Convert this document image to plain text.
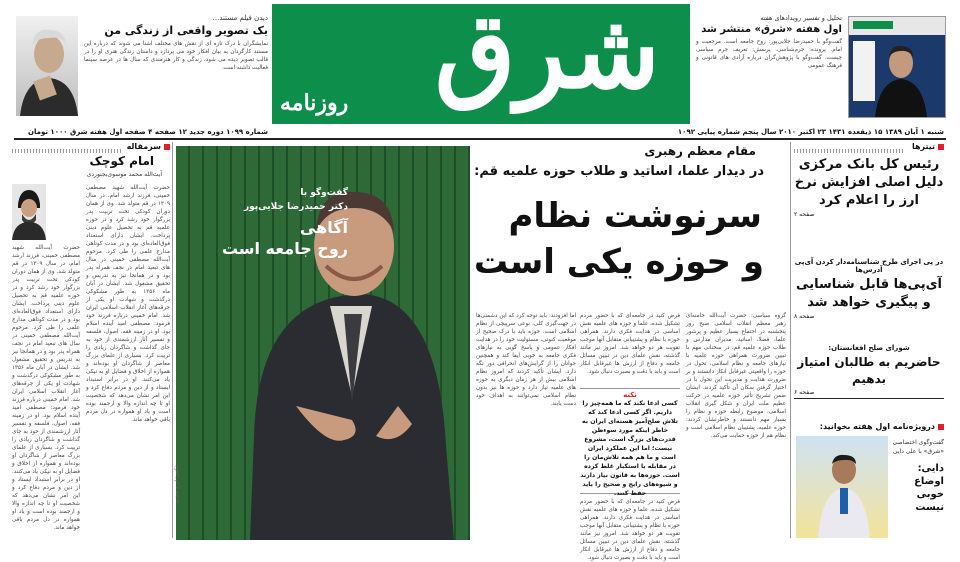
دیدن فیلم مستند...
یک تصویر واقعی از زندگی من
نمایشگران با درک تازه ای از نقش های مختلف اشنا می شوند که درباره این مستند کارگردان به بیان افکار خود می پردازد و داستان زندگی هنری او را در قالب تصویر دیده می شود، زندگی و کار هنرمندی که سال ها در عرصه سینما فعالیت داشته است.
روزنامه شرق	تحلیل و تفسیر رویدادهای هفته
اول هفته «شرق» منتشر شد
گفت‌وگو با حمیدرضا جلایی‌پور: روح جامعه است. مرجعیت و امام. پرونده: جرم‌شناسی. پرسش: تعریف جرم سیاسی چیست. گفت‌وگو با پژوهش‌گران درباره آزادی های قانونی و فرهنگ عمومی
شنبه ۱ آبان ۱۳۸۹ ۱۵ ذیقعده ۱۴۳۱ ۲۳ اکتبر ۲۰۱۰ سال پنجم شماره پیاپی ۱۰۹۲
شماره ۱۰۹۹ دوره جدید ۱۲ صفحه ۴ صفحه اول هفته شرق ۱۰۰۰ تومان
تیترها
رئیس کل بانک مرکزی دلیل اصلی افزایش نرخ ارز را اعلام کرد
صفحه ۲
در پی اجرای طرح شناسنامه‌دار کردن آی‌پی آدرس‌ها
آی‌پی‌ها قابل شناسایی و پیگیری خواهد شد
صفحه ۸
شورای صلح افغانستان:
حاضریم به طالبان امتیاز بدهیم
صفحه ۶
درویژه‌نامه اول هفته بخوانید:
گفت‌وگوی اختصاصی «شرق» با علی دایی
دایی: اوضاع خوبی نیست
مقام معظم رهبری
در دیدار علما، اساتید و طلاب حوزه علمیه قم:
سرنوشت نظام
و حوزه یکی است
گروه سیاسی: حضرت آیت‌الله خامنه‌ای رهبر معظم انقلاب اسلامی صبح روز پنجشنبه در اجتماع بسیار عظیم و پرشور علما، فضلا، اساتید، مدیران مدارس و طلاب حوزه علمیه قم، در سخنانی مهم با تبیین ضرورت همراهی حوزه علمیه با نیازهای جامعه و نظام اسلامی، تحول در حوزه را واقعیتی غیرقابل انکار دانستند و بر ضرورت هدایت و مدیریت این تحول با در اختیار گرفتن سکان آن تأکید کردند. ایشان ضمن تشریح تأثیر حوزه علمیه در حرکت عظیم ملت ایران و شکل گیری انقلاب اسلامی، موضوع رابطه حوزه و نظام را بسیار مهم دانستند و خاطرنشان کردند: حوزه علمیه، پشتیبان نظام اسلامی است و نظام هم از حوزه حمایت می‌کند.
اما افزودند: باید توجه کرد که این دشمنی‌ها در جهت‌گیری کلی، نوعی سرپیچی از نظام اسلامی است. حوزه باید با درک صحیح از موقعیت کنونی، مسئولیت خود را در هدایت افکار عمومی و پاسخ گویی به نیازهای فکری جامعه به خوبی ایفا کند و همچنین جوانان را از گرایش‌های انحرافی دور نگه دارد. ایشان تأکید کردند که امروز نظام اسلامی بیش از هر زمان دیگری به حوزه های علمیه نیاز دارد و حوزه ها نیز بدون نظام اسلامی نمی‌توانند به اهداف خود دست یابند.
نکته
کسی ادعا نکند که ما همه‌چیز را داریم. اگر کسی ادعا کند که تلاش صلح‌آمیز هسته‌ای ایران به خاطر اینکه مورد سوءظن قدرت‌های بزرگ است، مشروع نیست؛ اما این عملکرد ایران است و ما هم همه تلاش‌مان را در مقابله با استکبار غلط کرده است. حوزه‌ها به قانون نیاز دارند و شیوه‌های رایج و صحیح را باید حفظ کنند.
فرض کنید در جامعه‌ای که با حضور مردم تشکیل شده، علما و حوزه های علمیه نقش اساسی در هدایت فکری دارند. همراهی حوزه با نظام و پشتیبانی متقابل آنها موجب تقویت هر دو خواهد شد. امروز نیز مانند گذشته، نقش علمای دین در تبیین مسائل جامعه و دفاع از ارزش ها غیرقابل انکار است و باید با دقت و بصیرت دنبال شود.
فرض کنید در جامعه‌ای که با حضور مردم تشکیل شده، علما و حوزه های علمیه نقش اساسی در هدایت فکری دارند. همراهی حوزه با نظام و پشتیبانی متقابل آنها موجب تقویت هر دو خواهد شد. امروز نیز مانند گذشته، نقش علمای دین در تبیین مسائل جامعه و دفاع از ارزش ها غیرقابل انکار است و باید با دقت و بصیرت دنبال شود.
گفت‌وگو با
دکتر حمیدرضا جلایی‌پور
آگاهی
روح جامعه است
عکس: ایرج حیدری
سرمقاله
امام کوچک
آیت‌الله محمد موسوی‌بجنوردی
حضرت آیت‌الله شهید مصطفی خمینی، فرزند ارشد امام، در سال ۱۳۰۹ در قم متولد شد. وی از همان دوران کودکی تحت تربیت پدر بزرگوار خود رشد کرد و در حوزه علمیه قم به تحصیل علوم دینی پرداخت. ایشان دارای استعداد فوق‌العاده‌ای بود و در مدت کوتاهی مدارج علمی را طی کرد. مرحوم آیت‌الله مصطفی خمینی در سال های تبعید امام در نجف همراه پدر بود و در همانجا نیز به تدریس و تحقیق مشغول شد. ایشان در آبان ماه ۱۳۵۶ به طور مشکوکی درگذشت و شهادت او یکی از جرقه‌های آغاز انقلاب اسلامی ایران شد. امام خمینی درباره فرزند خود فرمود: مصطفی امید آینده اسلام بود. او در زمینه فقه، اصول، فلسفه و تفسیر آثار ارزشمندی از خود به جای گذاشت و شاگردان زیادی را تربیت کرد. بسیاری از علمای بزرگ معاصر از شاگردان او بوده‌اند و همواره از اخلاق و فضایل او به نیکی یاد می‌کنند. او در برابر استبداد ایستاد و از دین و مردم دفاع کرد و این امر نشان می‌دهد که شخصیت او تا چه اندازه والا و ارجمند بوده است و یاد او همواره در دل مردم باقی خواهد ماند.
حضرت آیت‌الله شهید مصطفی خمینی، فرزند ارشد امام، در سال ۱۳۰۹ در قم متولد شد. وی از همان دوران کودکی تحت تربیت پدر بزرگوار خود رشد کرد و در حوزه علمیه قم به تحصیل علوم دینی پرداخت. ایشان دارای استعداد فوق‌العاده‌ای بود و در مدت کوتاهی مدارج علمی را طی کرد. مرحوم آیت‌الله مصطفی خمینی در سال های تبعید امام در نجف همراه پدر بود و در همانجا نیز به تدریس و تحقیق مشغول شد. ایشان در آبان ماه ۱۳۵۶ به طور مشکوکی درگذشت و شهادت او یکی از جرقه‌های آغاز انقلاب اسلامی ایران شد. امام خمینی درباره فرزند خود فرمود: مصطفی امید آینده اسلام بود. او در زمینه فقه، اصول، فلسفه و تفسیر آثار ارزشمندی از خود به جای گذاشت و شاگردان زیادی را تربیت کرد. بسیاری از علمای بزرگ معاصر از شاگردان او بوده‌اند و همواره از اخلاق و فضایل او به نیکی یاد می‌کنند. او در برابر استبداد ایستاد و از دین و مردم دفاع کرد و این امر نشان می‌دهد که شخصیت او تا چه اندازه والا و ارجمند بوده است و یاد او همواره در دل مردم باقی خواهد ماند.
